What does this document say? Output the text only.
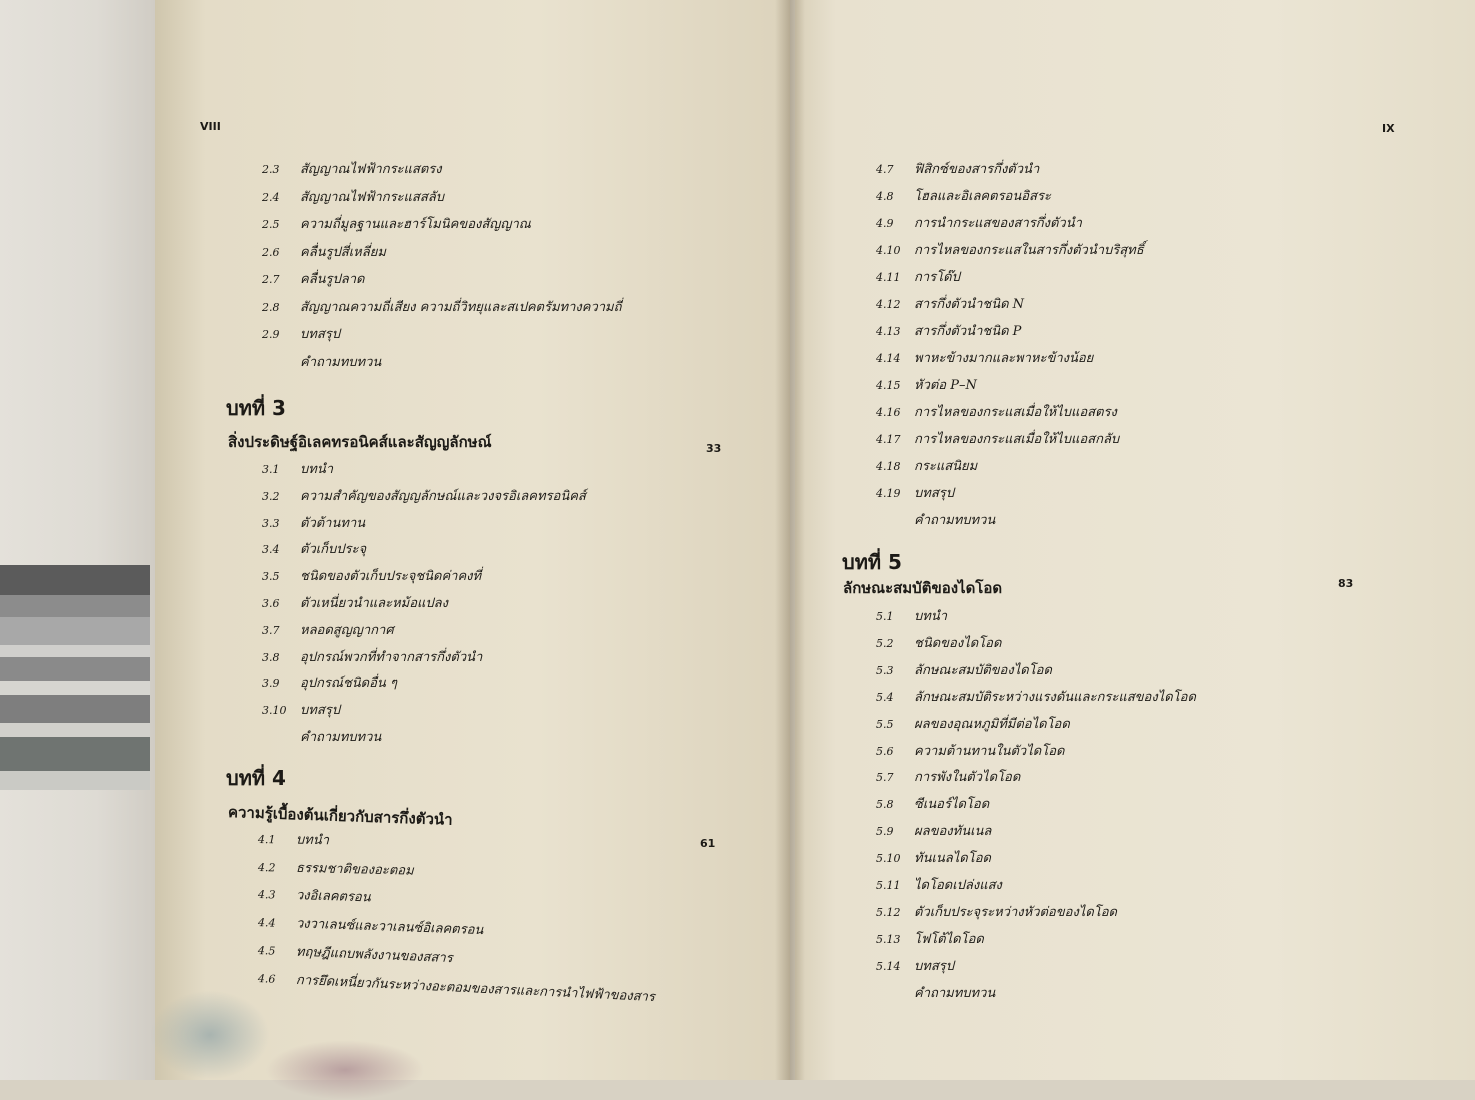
VIII
2.3 สัญญาณไฟฟ้ากระแสตรง
2.4 สัญญาณไฟฟ้ากระแสสลับ
2.5 ความถี่มูลฐานและฮาร์โมนิคของสัญญาณ
2.6 คลื่นรูปสี่เหลี่ยม
2.7 คลื่นรูปลาด
2.8 สัญญาณความถี่เสียง ความถี่วิทยุและสเปคตรัมทางความถี่
2.9 บทสรุป
คำถามทบทวน
บทที่ 3
สิ่งประดิษฐ์อิเลคทรอนิคส์และสัญญลักษณ์	33
3.1 บทนำ
3.2 ความสำคัญของสัญญลักษณ์และวงจรอิเลคทรอนิคส์
3.3 ตัวต้านทาน
3.4 ตัวเก็บประจุ
3.5 ชนิดของตัวเก็บประจุชนิดค่าคงที่
3.6 ตัวเหนี่ยวนำและหม้อแปลง
3.7 หลอดสูญญากาศ
3.8 อุปกรณ์พวกที่ทำจากสารกึ่งตัวนำ
3.9 อุปกรณ์ชนิดอื่น ๆ
3.10 บทสรุป
คำถามทบทวน
บทที่ 4
ความรู้เบื้องต้นเกี่ยวกับสารกึ่งตัวนำ
61
4.1 บทนำ
4.2 ธรรมชาติของอะตอม
4.3 วงอิเลคตรอน
4.4 วงวาเลนซ์และวาเลนซ์อิเลคตรอน
4.5 ทฤษฎีแถบพลังงานของสสาร
4.6 การยึดเหนี่ยวกันระหว่างอะตอมของสารและการนำไฟฟ้าของสาร
IX
4.7 ฟิสิกซ์ของสารกึ่งตัวนำ
4.8 โฮลและอิเลคตรอนอิสระ
4.9 การนำกระแสของสารกึ่งตัวนำ
4.10 การไหลของกระแสในสารกึ่งตัวนำบริสุทธิ์
4.11 การโด๊ป
4.12 สารกึ่งตัวนำชนิด N
4.13 สารกึ่งตัวนำชนิด P
4.14 พาหะข้างมากและพาหะข้างน้อย
4.15 หัวต่อ P–N
4.16 การไหลของกระแสเมื่อให้ไบแอสตรง
4.17 การไหลของกระแสเมื่อให้ไบแอสกลับ
4.18 กระแสนิยม
4.19 บทสรุป
คำถามทบทวน
บทที่ 5
ลักษณะสมบัติของไดโอด	83
5.1 บทนำ
5.2 ชนิดของไดโอด
5.3 ลักษณะสมบัติของไดโอด
5.4 ลักษณะสมบัติระหว่างแรงดันและกระแสของไดโอด
5.5 ผลของอุณหภูมิที่มีต่อไดโอด
5.6 ความต้านทานในตัวไดโอด
5.7 การพังในตัวไดโอด
5.8 ซีเนอร์ไดโอด
5.9 ผลของทันเนล
5.10 ทันเนลไดโอด
5.11 ไดโอดเปล่งแสง
5.12 ตัวเก็บประจุระหว่างหัวต่อของไดโอด
5.13 โฟโต้ไดโอด
5.14 บทสรุป
คำถามทบทวน
